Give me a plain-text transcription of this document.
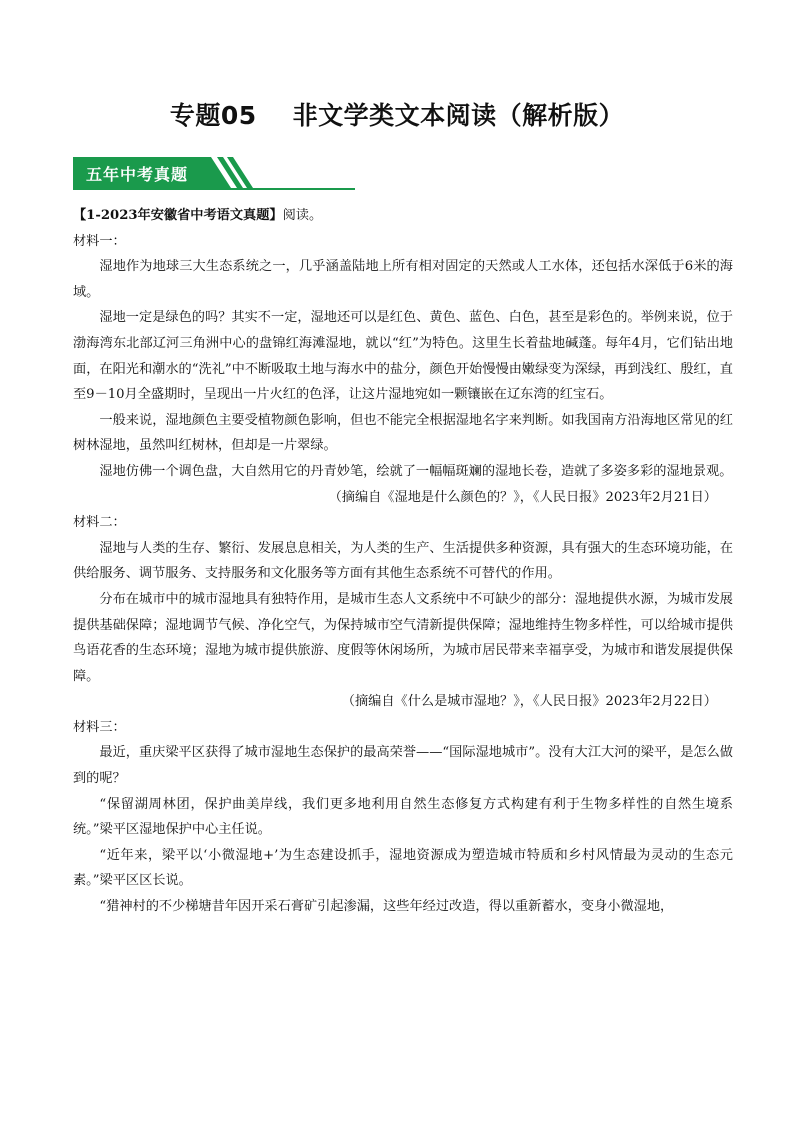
专题05 非文学类文本阅读（解析版）
五年中考真题

【1-2023年安徽省中考语文真题】阅读。

材料一：

湿地作为地球三大生态系统之一，几乎涵盖陆地上所有相对固定的天然或人工水体，还包括水深低于6米的海域。

湿地一定是绿色的吗？其实不一定，湿地还可以是红色、黄色、蓝色、白色，甚至是彩色的。举例来说，位于渤海湾东北部辽河三角洲中心的盘锦红海滩湿地，就以“红”为特色。这里生长着盐地碱蓬。每年4月，它们钻出地面，在阳光和潮水的“洗礼”中不断吸取土地与海水中的盐分，颜色开始慢慢由嫩绿变为深绿，再到浅红、殷红，直至9－10月全盛期时，呈现出一片火红的色泽，让这片湿地宛如一颗镶嵌在辽东湾的红宝石。

一般来说，湿地颜色主要受植物颜色影响，但也不能完全根据湿地名字来判断。如我国南方沿海地区常见的红树林湿地，虽然叫红树林，但却是一片翠绿。

湿地仿佛一个调色盘，大自然用它的丹青妙笔，绘就了一幅幅斑斓的湿地长卷，造就了多姿多彩的湿地景观。

（摘编自《湿地是什么颜色的？》，《人民日报》2023年2月21日）

材料二：

湿地与人类的生存、繁衍、发展息息相关，为人类的生产、生活提供多种资源，具有强大的生态环境功能，在供给服务、调节服务、支持服务和文化服务等方面有其他生态系统不可替代的作用。

分布在城市中的城市湿地具有独特作用，是城市生态人文系统中不可缺少的部分：湿地提供水源，为城市发展提供基础保障；湿地调节气候、净化空气，为保持城市空气清新提供保障；湿地维持生物多样性，可以给城市提供鸟语花香的生态环境；湿地为城市提供旅游、度假等休闲场所，为城市居民带来幸福享受，为城市和谐发展提供保障。

（摘编自《什么是城市湿地？》，《人民日报》2023年2月22日）

材料三：

最近，重庆梁平区获得了城市湿地生态保护的最高荣誉——“国际湿地城市”。没有大江大河的梁平，是怎么做到的呢？

“保留湖周林团，保护曲美岸线，我们更多地利用自然生态修复方式构建有利于生物多样性的自然生境系统。”梁平区湿地保护中心主任说。

“近年来，梁平以‘小微湿地+’为生态建设抓手，湿地资源成为塑造城市特质和乡村风情最为灵动的生态元素。”梁平区区长说。

“猎神村的不少梯塘昔年因开采石膏矿引起渗漏，这些年经过改造，得以重新蓄水，变身小微湿地，
